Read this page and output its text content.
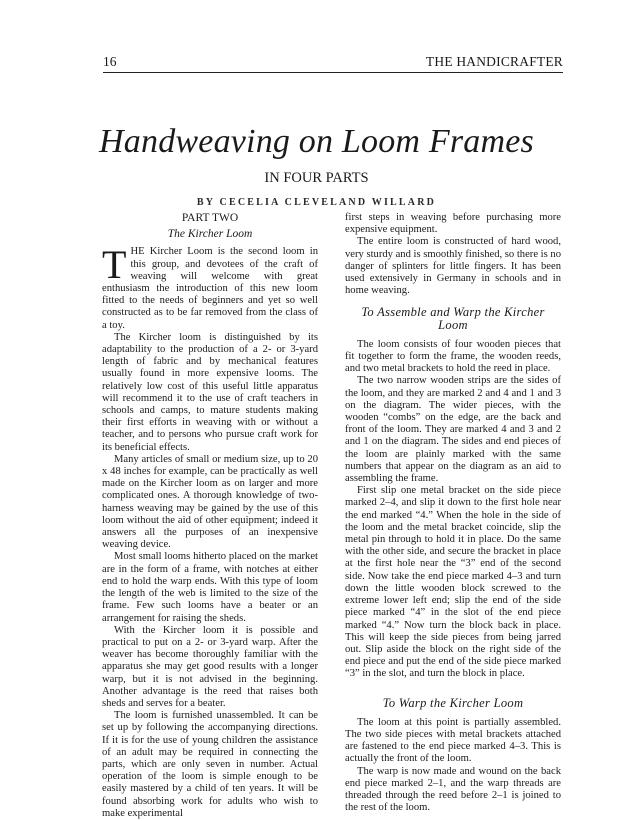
16	THE HANDICRAFTER
Handweaving on Loom Frames
IN FOUR PARTS
BY CECELIA CLEVELAND WILLARD
PART TWO
The Kircher Loom

THE Kircher Loom is the second loom in this group, and devotees of the craft of weaving will welcome with great enthusiasm the introduction of this new loom fitted to the needs of beginners and yet so well constructed as to be far removed from the class of a toy.

The Kircher loom is distinguished by its adaptability to the production of a 2- or 3-yard length of fabric and by mechanical features usually found in more expensive looms. The relatively low cost of this useful little apparatus will recommend it to the use of craft teachers in schools and camps, to mature students making their first efforts in weaving with or without a teacher, and to persons who pursue craft work for its beneficial effects.

Many articles of small or medium size, up to 20 x 48 inches for example, can be practically as well made on the Kircher loom as on larger and more complicated ones. A thorough knowledge of two-harness weaving may be gained by the use of this loom without the aid of other equipment; indeed it answers all the purposes of an inexpensive weaving device.

Most small looms hitherto placed on the market are in the form of a frame, with notches at either end to hold the warp ends. With this type of loom the length of the web is limited to the size of the frame. Few such looms have a beater or an arrangement for raising the sheds.

With the Kircher loom it is possible and practical to put on a 2- or 3-yard warp. After the weaver has become thoroughly familiar with the apparatus she may get good results with a longer warp, but it is not advised in the beginning. Another advantage is the reed that raises both sheds and serves for a beater.

The loom is furnished unassembled. It can be set up by following the accompanying directions. If it is for the use of young children the assistance of an adult may be required in connecting the parts, which are only seven in number. Actual operation of the loom is simple enough to be easily mastered by a child of ten years. It will be found absorbing work for adults who wish to make experimental

first steps in weaving before purchasing more expensive equipment.

The entire loom is constructed of hard wood, very sturdy and is smoothly finished, so there is no danger of splinters for little fingers. It has been used extensively in Germany in schools and in home weaving.

To Assemble and Warp the Kircher Loom

The loom consists of four wooden pieces that fit together to form the frame, the wooden reeds, and two metal brackets to hold the reed in place.

The two narrow wooden strips are the sides of the loom, and they are marked 2 and 4 and 1 and 3 on the diagram. The wider pieces, with the wooden “combs” on the edge, are the back and front of the loom. They are marked 4 and 3 and 2 and 1 on the diagram. The sides and end pieces of the loom are plainly marked with the same numbers that appear on the diagram as an aid to assembling the frame.

First slip one metal bracket on the side piece marked 2–4, and slip it down to the first hole near the end marked “4.” When the hole in the side of the loom and the metal bracket coincide, slip the metal pin through to hold it in place. Do the same with the other side, and secure the bracket in place at the first hole near the “3” end of the second side. Now take the end piece marked 4–3 and turn down the little wooden block screwed to the extreme lower left end; slip the end of the side piece marked “4” in the slot of the end piece marked “4.” Now turn the block back in place. This will keep the side pieces from being jarred out. Slip aside the block on the right side of the end piece and put the end of the side piece marked “3” in the slot, and turn the block in place.

To Warp the Kircher Loom

The loom at this point is partially assembled. The two side pieces with metal brackets attached are fastened to the end piece marked 4–3. This is actually the front of the loom.

The warp is now made and wound on the back end piece marked 2–1, and the warp threads are threaded through the reed before 2–1 is joined to the rest of the loom.
